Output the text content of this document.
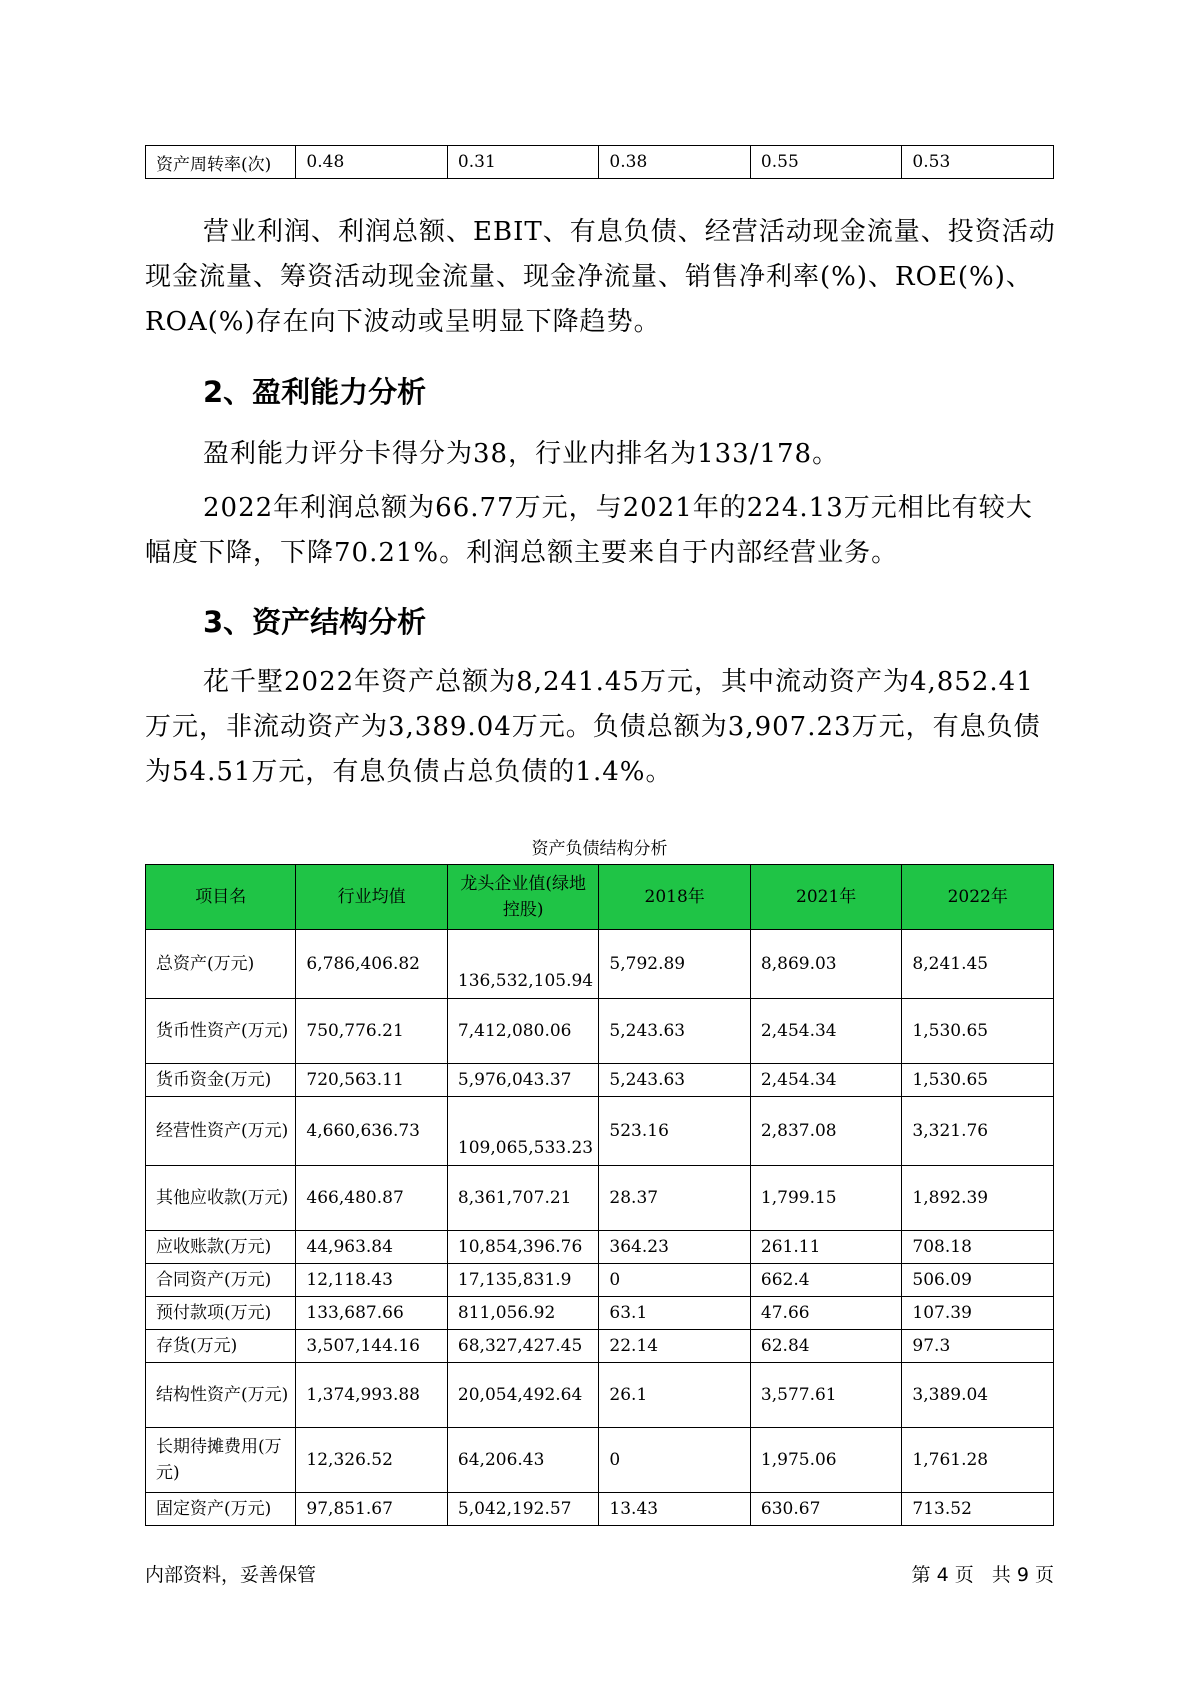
资产周转率(次)	0.48	0.31	0.38	0.55	0.53

营业利润、利润总额、EBIT、有息负债、经营活动现金流量、投资活动现金流量、筹资活动现金流量、现金净流量、销售净利率(%)、ROE(%)、ROA(%)存在向下波动或呈明显下降趋势。

2、盈利能力分析

盈利能力评分卡得分为38，行业内排名为133/178。

2022年利润总额为66.77万元，与2021年的224.13万元相比有较大幅度下降，下降70.21%。利润总额主要来自于内部经营业务。

3、资产结构分析

花千墅2022年资产总额为8,241.45万元，其中流动资产为4,852.41万元，非流动资产为3,389.04万元。负债总额为3,907.23万元，有息负债为54.51万元，有息负债占总负债的1.4%。

资产负债结构分析
项目名	行业均值	龙头企业值(绿地控股)	2018年	2021年	2022年
总资产(万元)	6,786,406.82	136,532,105.94	5,792.89	8,869.03	8,241.45
货币性资产(万元)	750,776.21	7,412,080.06	5,243.63	2,454.34	1,530.65
货币资金(万元)	720,563.11	5,976,043.37	5,243.63	2,454.34	1,530.65
经营性资产(万元)	4,660,636.73	109,065,533.23	523.16	2,837.08	3,321.76
其他应收款(万元)	466,480.87	8,361,707.21	28.37	1,799.15	1,892.39
应收账款(万元)	44,963.84	10,854,396.76	364.23	261.11	708.18
合同资产(万元)	12,118.43	17,135,831.9	0	662.4	506.09
预付款项(万元)	133,687.66	811,056.92	63.1	47.66	107.39
存货(万元)	3,507,144.16	68,327,427.45	22.14	62.84	97.3
结构性资产(万元)	1,374,993.88	20,054,492.64	26.1	3,577.61	3,389.04
长期待摊费用(万元)	12,326.52	64,206.43	0	1,975.06	1,761.28
固定资产(万元)	97,851.67	5,042,192.57	13.43	630.67	713.52
内部资料，妥善保管	第 4 页   共 9 页
